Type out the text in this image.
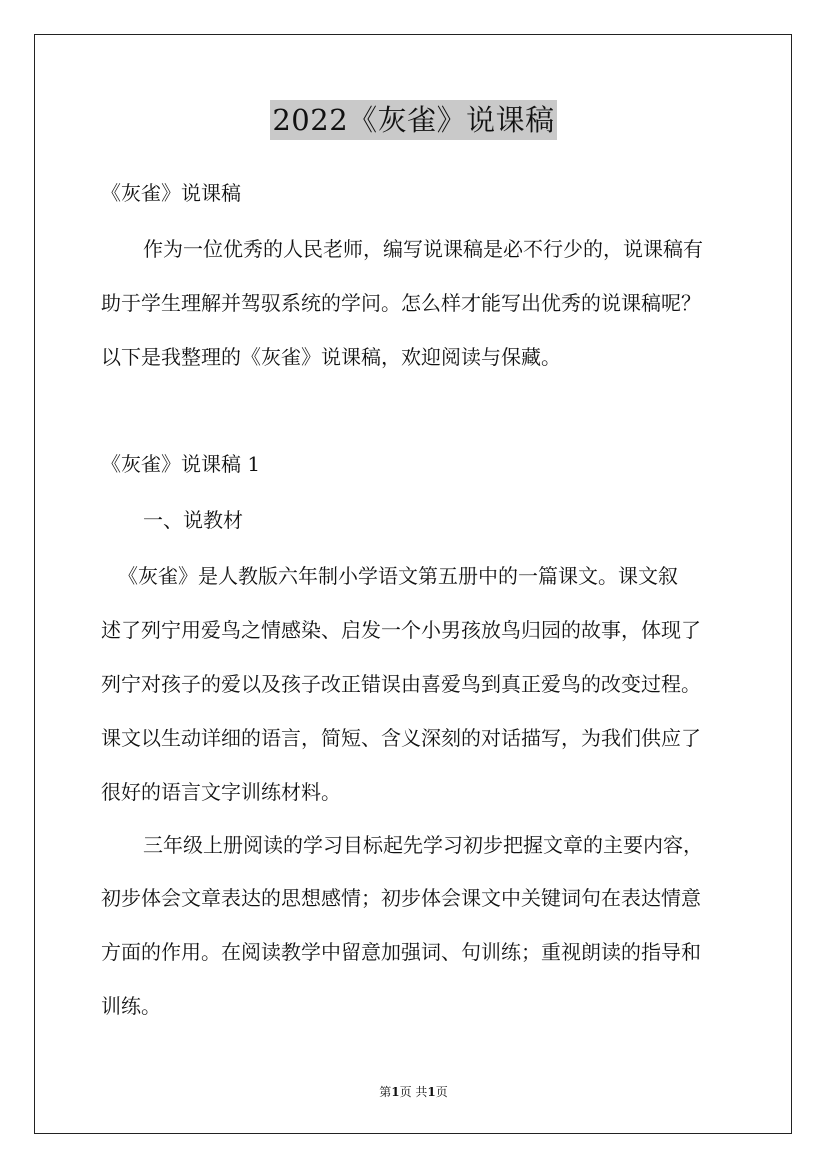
2022《灰雀》说课稿
《灰雀》说课稿
作为一位优秀的人民老师，编写说课稿是必不行少的，说课稿有
助于学生理解并驾驭系统的学问。怎么样才能写出优秀的说课稿呢？
以下是我整理的《灰雀》说课稿，欢迎阅读与保藏。
《灰雀》说课稿 1
一、说教材
《灰雀》是人教版六年制小学语文第五册中的一篇课文。课文叙
述了列宁用爱鸟之情感染、启发一个小男孩放鸟归园的故事，体现了
列宁对孩子的爱以及孩子改正错误由喜爱鸟到真正爱鸟的改变过程。
课文以生动详细的语言，简短、含义深刻的对话描写，为我们供应了
很好的语言文字训练材料。
三年级上册阅读的学习目标起先学习初步把握文章的主要内容，
初步体会文章表达的思想感情；初步体会课文中关键词句在表达情意
方面的作用。在阅读教学中留意加强词、句训练；重视朗读的指导和
训练。
第1页 共1页
